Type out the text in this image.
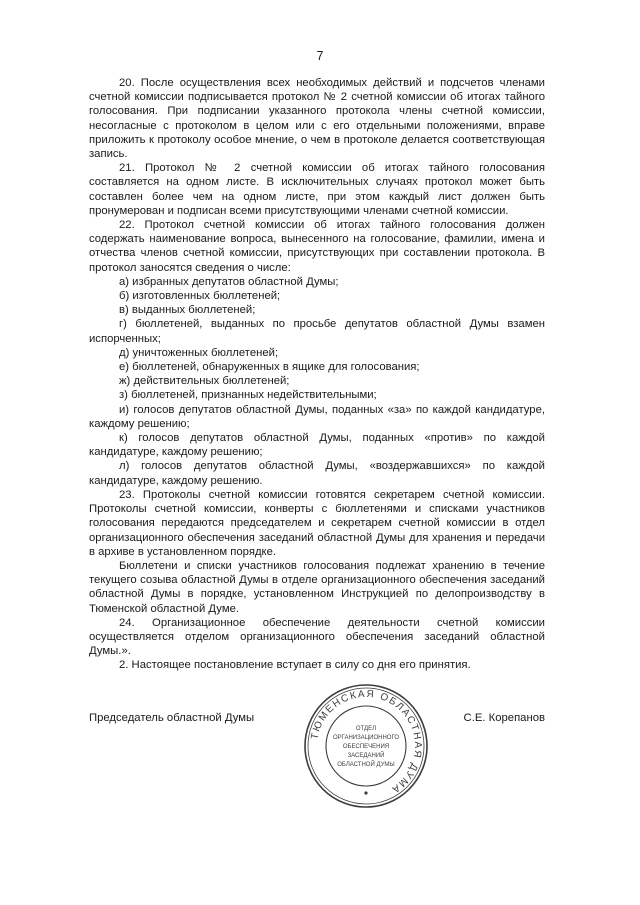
7

20. После осуществления всех необходимых действий и подсчетов членами счетной комиссии подписывается протокол № 2 счетной комиссии об итогах тайного голосования. При подписании указанного протокола члены счетной комиссии, несогласные с протоколом в целом или с его отдельными положениями, вправе приложить к протоколу особое мнение, о чем в протоколе делается соответствующая запись.

21. Протокол № 2 счетной комиссии об итогах тайного голосования составляется на одном листе. В исключительных случаях протокол может быть составлен более чем на одном листе, при этом каждый лист должен быть пронумерован и подписан всеми присутствующими членами счетной комиссии.

22. Протокол счетной комиссии об итогах тайного голосования должен содержать наименование вопроса, вынесенного на голосование, фамилии, имена и отчества членов счетной комиссии, присутствующих при составлении протокола. В протокол заносятся сведения о числе:

а) избранных депутатов областной Думы;

б) изготовленных бюллетеней;

в) выданных бюллетеней;

г) бюллетеней, выданных по просьбе депутатов областной Думы взамен испорченных;

д) уничтоженных бюллетеней;

е) бюллетеней, обнаруженных в ящике для голосования;

ж) действительных бюллетеней;

з) бюллетеней, признанных недействительными;

и) голосов депутатов областной Думы, поданных «за» по каждой кандидатуре, каждому решению;

к) голосов депутатов областной Думы, поданных «против» по каждой кандидатуре, каждому решению;

л) голосов депутатов областной Думы, «воздержавшихся» по каждой кандидатуре, каждому решению.

23. Протоколы счетной комиссии готовятся секретарем счетной комиссии. Протоколы счетной комиссии, конверты с бюллетенями и списками участников голосования передаются председателем и секретарем счетной комиссии в отдел организационного обеспечения заседаний областной Думы для хранения и передачи в архиве в установленном порядке.

Бюллетени и списки участников голосования подлежат хранению в течение текущего созыва областной Думы в отделе организационного обеспечения заседаний областной Думы в порядке, установленном Инструкцией по делопроизводству в Тюменской областной Думе.

24. Организационное обеспечение деятельности счетной комиссии осуществляется отделом организационного обеспечения заседаний областной Думы.».

2. Настоящее постановление вступает в силу со дня его принятия.

Председатель областной Думы	С.Е. Корепанов
ТЮМЕНСКАЯ ОБЛАСТНАЯ ДУМА
ОТДЕЛ
ОРГАНИЗАЦИОННОГО
ОБЕСПЕЧЕНИЯ
ЗАСЕДАНИЙ
ОБЛАСТНОЙ ДУМЫ
